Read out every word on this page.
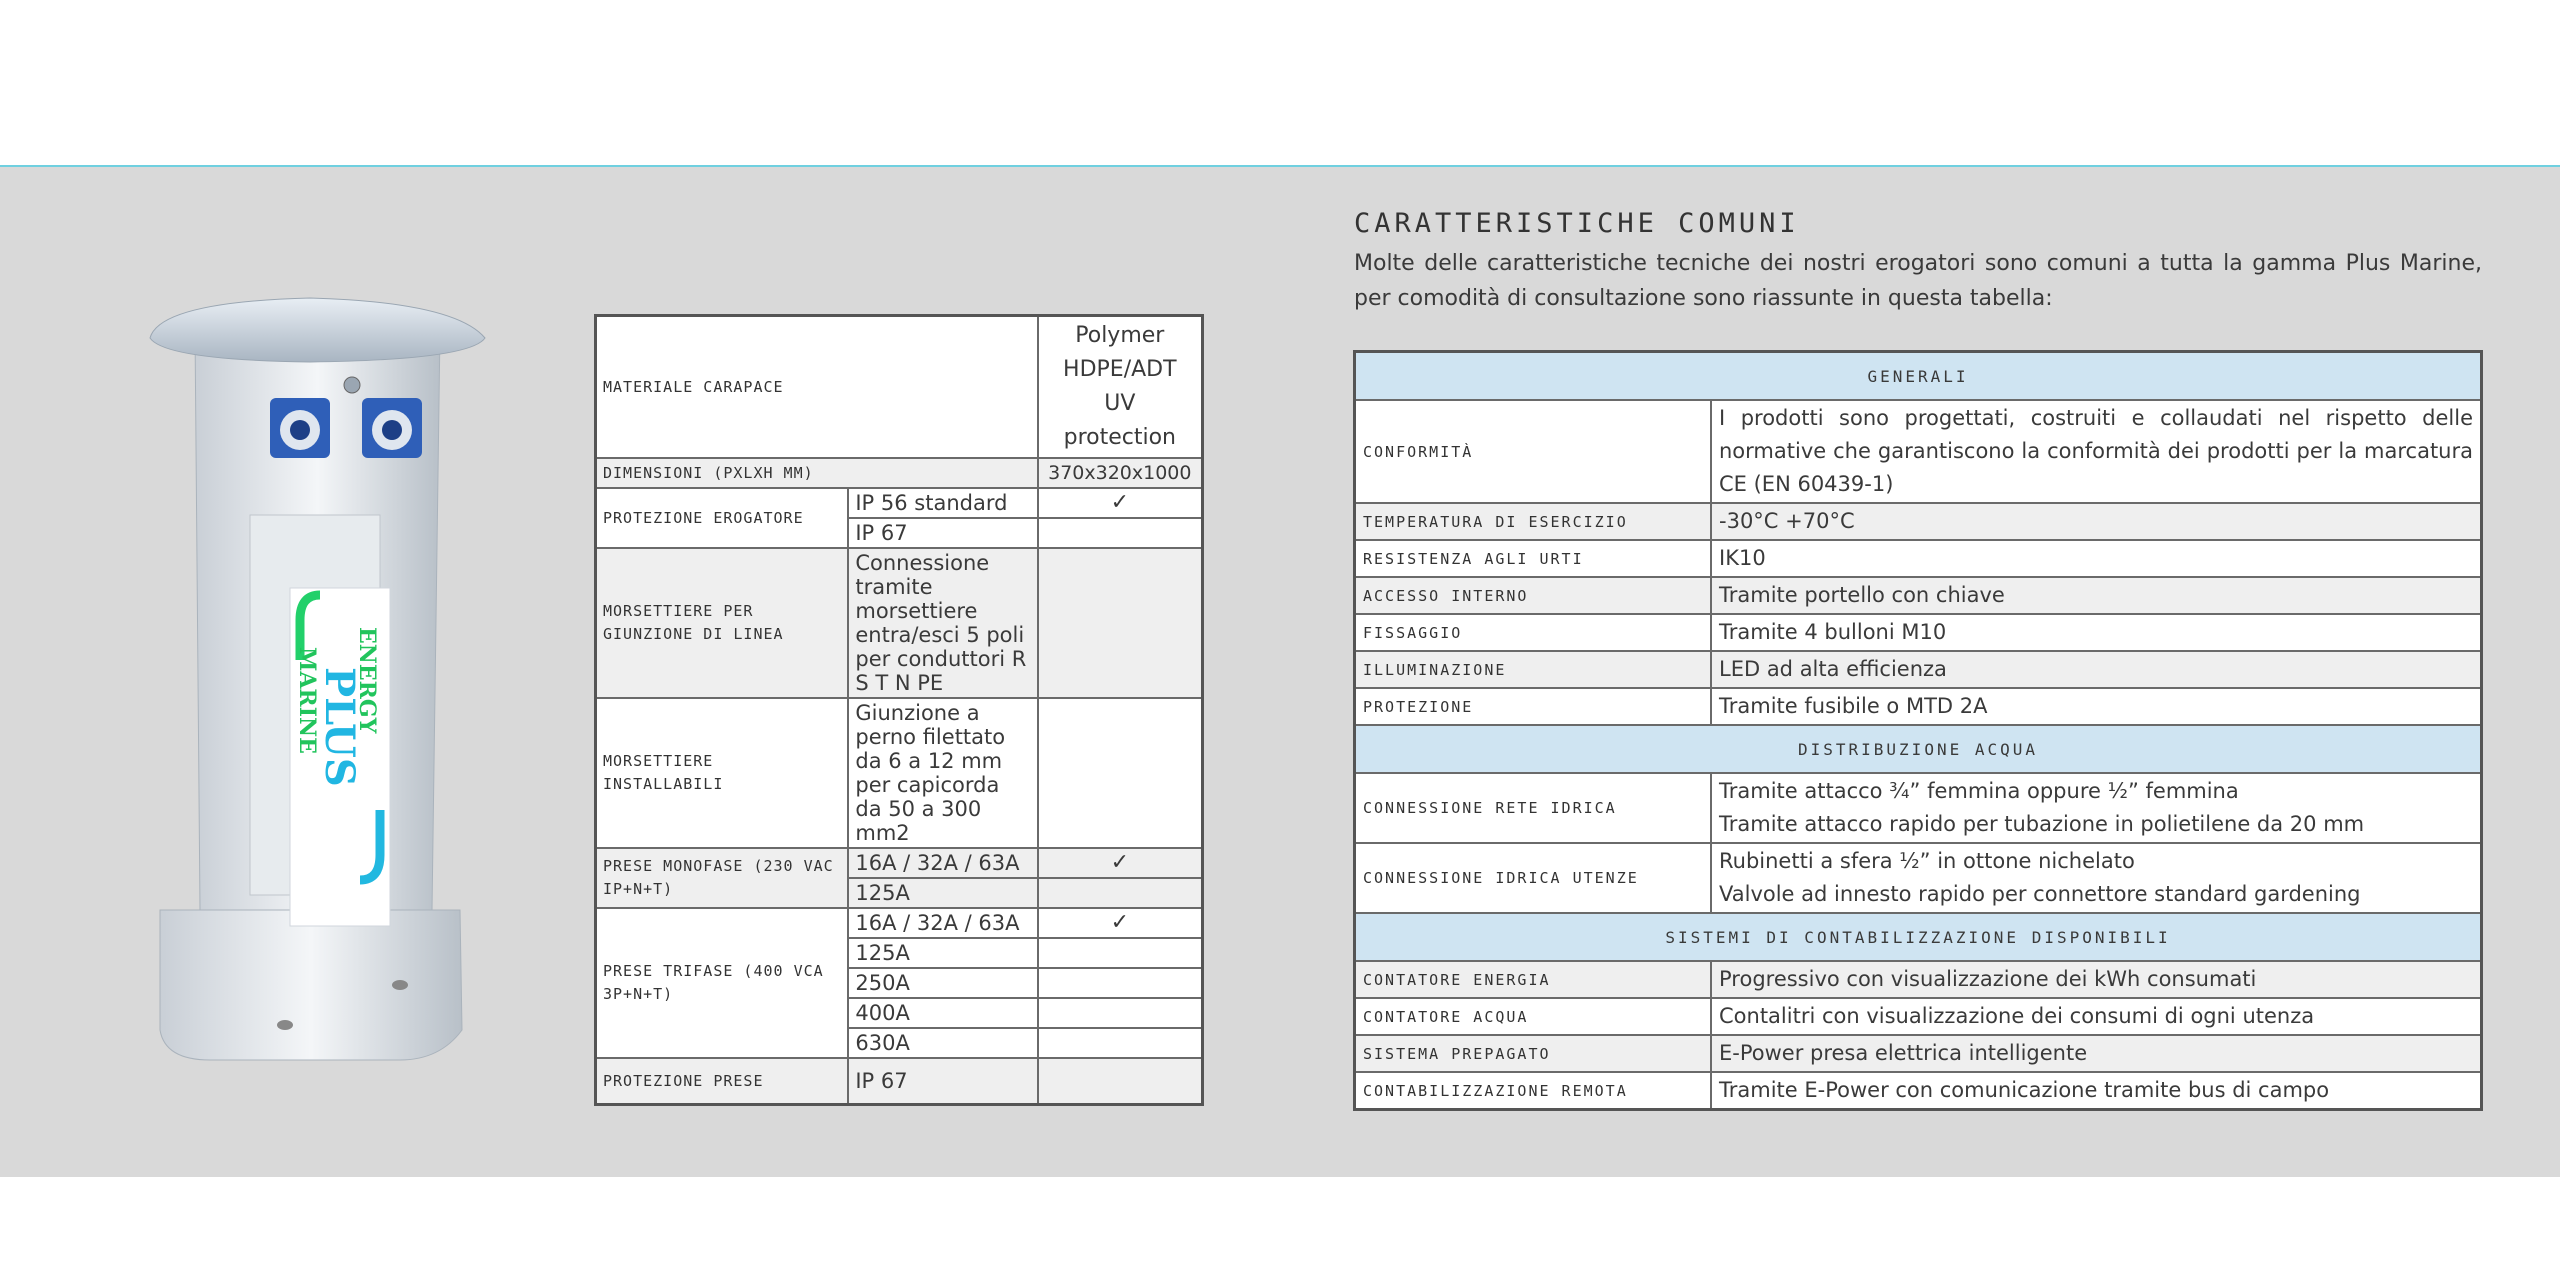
ENERGY
PLUS
MARINE
MATERIALE CARAPACE		Polymer HDPE/ADT UV protection
DIMENSIONI (PXLXH MM)		370x320x1000
PROTEZIONE EROGATORE	IP 56 standard	✓
	IP 67	
MORSETTIERE PER GIUNZIONE DI LINEA	Connessione tramite morsettiere entra/esci 5 poli per conduttori R S T N PE	
MORSETTIERE INSTALLABILI	Giunzione a perno filettato da 6 a 12 mm per capicorda da 50 a 300 mm2	
PRESE MONOFASE (230 VAC IP+N+T)	16A / 32A / 63A	✓
	125A	
PRESE TRIFASE (400 VCA 3P+N+T)	16A / 32A / 63A	✓
	125A	
	250A	
	400A	
	630A	
PROTEZIONE PRESE	IP 67	
CARATTERISTICHE COMUNI
Molte delle caratteristiche tecniche dei nostri erogatori sono comuni a tutta la gamma Plus Marine, per comodità di consultazione sono riassunte in questa tabella:
GENERALI	
CONFORMITÀ	I prodotti sono progettati, costruiti e collaudati nel rispetto delle normative che garantiscono la conformità dei prodotti per la marcatura CE (EN 60439-1)
TEMPERATURA DI ESERCIZIO	-30°C +70°C
RESISTENZA AGLI URTI	IK10
ACCESSO INTERNO	Tramite portello con chiave
FISSAGGIO	Tramite 4 bulloni M10
ILLUMINAZIONE	LED ad alta efficienza
PROTEZIONE	Tramite fusibile o MTD 2A
DISTRIBUZIONE ACQUA	
CONNESSIONE RETE IDRICA	Tramite attacco ¾” femmina oppure ½” femmina
Tramite attacco rapido per tubazione in polietilene da 20 mm

CONNESSIONE IDRICA UTENZE	Rubinetti a sfera ½” in ottone nichelato
Valvole ad innesto rapido per connettore standard gardening

SISTEMI DI CONTABILIZZAZIONE DISPONIBILI	
CONTATORE ENERGIA	Progressivo con visualizzazione dei kWh consumati
CONTATORE ACQUA	Contalitri con visualizzazione dei consumi di ogni utenza
SISTEMA PREPAGATO	E-Power presa elettrica intelligente
CONTABILIZZAZIONE REMOTA	Tramite E-Power con comunicazione tramite bus di campo
